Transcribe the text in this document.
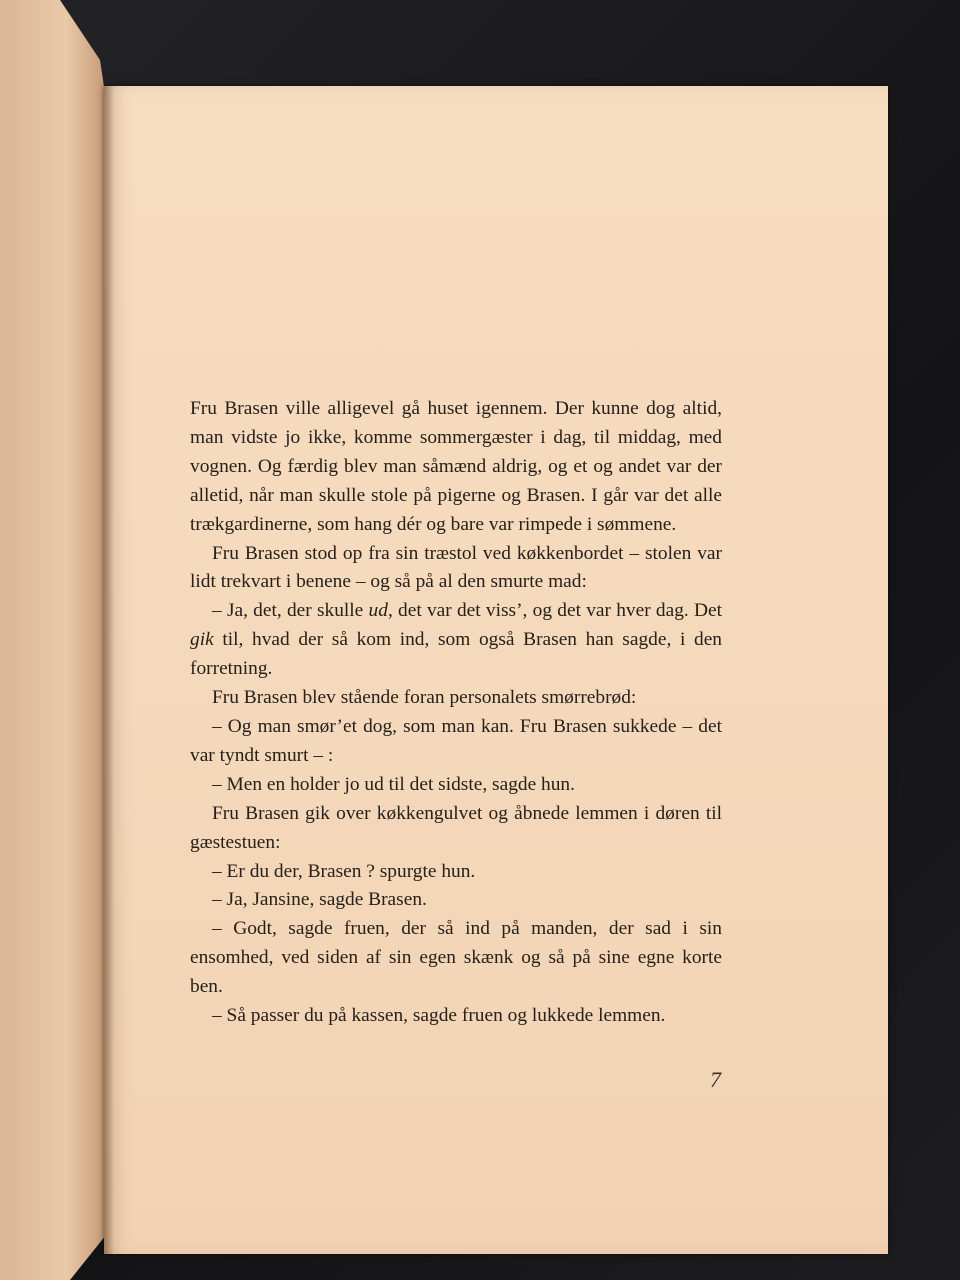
Fru Brasen ville alligevel gå huset igennem. Der kunne dog altid, man vidste jo ikke, komme sommergæster i dag, til middag, med vognen. Og færdig blev man såmænd aldrig, og et og andet var der alletid, når man skulle stole på pigerne og Brasen. I går var det alle trækgardinerne, som hang dér og bare var rimpede i sømmene.

Fru Brasen stod op fra sin træstol ved køkkenbordet – stolen var lidt trekvart i benene – og så på al den smurte mad:

– Ja, det, der skulle ud, det var det viss’, og det var hver dag. Det gik til, hvad der så kom ind, som også Brasen han sagde, i den forretning.

Fru Brasen blev stående foran personalets smørrebrød:

– Og man smør’et dog, som man kan. Fru Brasen sukkede – det var tyndt smurt – :

– Men en holder jo ud til det sidste, sagde hun.

Fru Brasen gik over køkkengulvet og åbnede lemmen i døren til gæstestuen:

– Er du der, Brasen ? spurgte hun.

– Ja, Jansine, sagde Brasen.

– Godt, sagde fruen, der så ind på manden, der sad i sin ensomhed, ved siden af sin egen skænk og så på sine egne korte ben.

– Så passer du på kassen, sagde fruen og lukkede lemmen.

7
